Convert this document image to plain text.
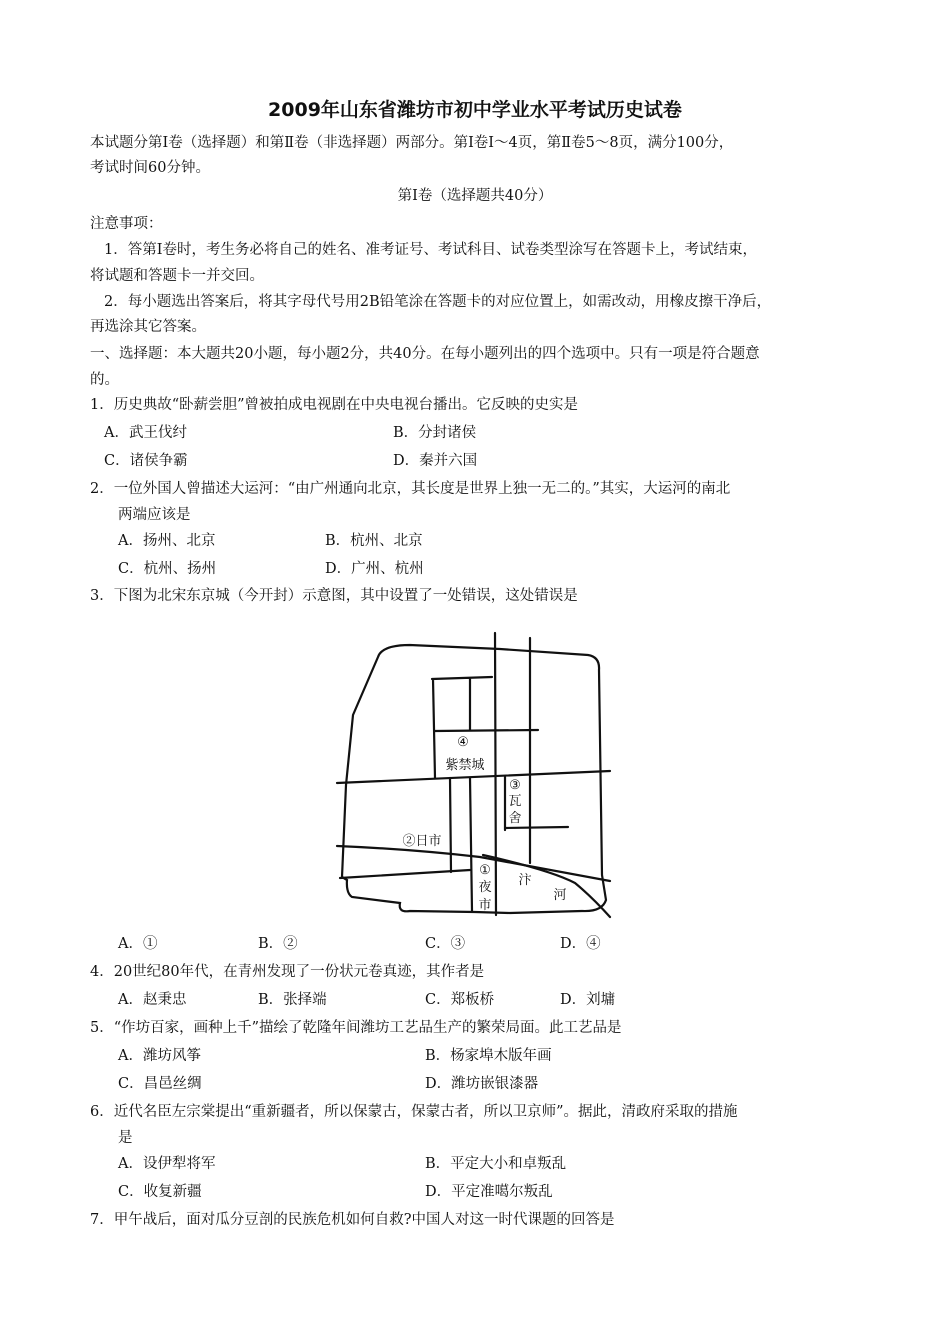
2009年山东省潍坊市初中学业水平考试历史试卷
本试题分第Ⅰ卷（选择题）和第Ⅱ卷（非选择题）两部分。第Ⅰ卷Ⅰ～4页，第Ⅱ卷5～8页，满分100分，
考试时间60分钟。
第Ⅰ卷（选择题共40分）
注意事项：
1．答第Ⅰ卷时，考生务必将自己的姓名、准考证号、考试科目、试卷类型涂写在答题卡上，考试结束，
将试题和答题卡一并交回。
2．每小题选出答案后，将其字母代号用2B铅笔涂在答题卡的对应位置上，如需改动，用橡皮擦干净后，
再选涂其它答案。
一、选择题：本大题共20小题，每小题2分，共40分。在每小题列出的四个选项中。只有一项是符合题意
的。
1．历史典故“卧薪尝胆”曾被拍成电视剧在中央电视台播出。它反映的史实是
A．武王伐纣	B．分封诸侯
C．诸侯争霸	D．秦并六国
2．一位外国人曾描述大运河：“由广州通向北京，其长度是世界上独一无二的。”其实，大运河的南北
两端应该是
A．扬州、北京	B．杭州、北京
C．杭州、扬州	D．广州、杭州
3．下图为北宋东京城（今开封）示意图，其中设置了一处错误，这处错误是
④
紫禁城
③
瓦
舍
②日市
①
夜
市
汴
河
A．①	B．②	C．③	D．④
4．20世纪80年代，在青州发现了一份状元卷真迹，其作者是
A．赵秉忠	B．张择端	C．郑板桥	D．刘墉
5．“作坊百家，画种上千”描绘了乾隆年间潍坊工艺品生产的繁荣局面。此工艺品是
A．潍坊风筝	B．杨家埠木版年画
C．昌邑丝绸	D．潍坊嵌银漆器
6．近代名臣左宗棠提出“重新疆者，所以保蒙古，保蒙古者，所以卫京师”。据此，清政府采取的措施
是
A．设伊犁将军	B．平定大小和卓叛乱
C．收复新疆	D．平定准噶尔叛乱
7．甲午战后，面对瓜分豆剖的民族危机如何自救?中国人对这一时代课题的回答是
